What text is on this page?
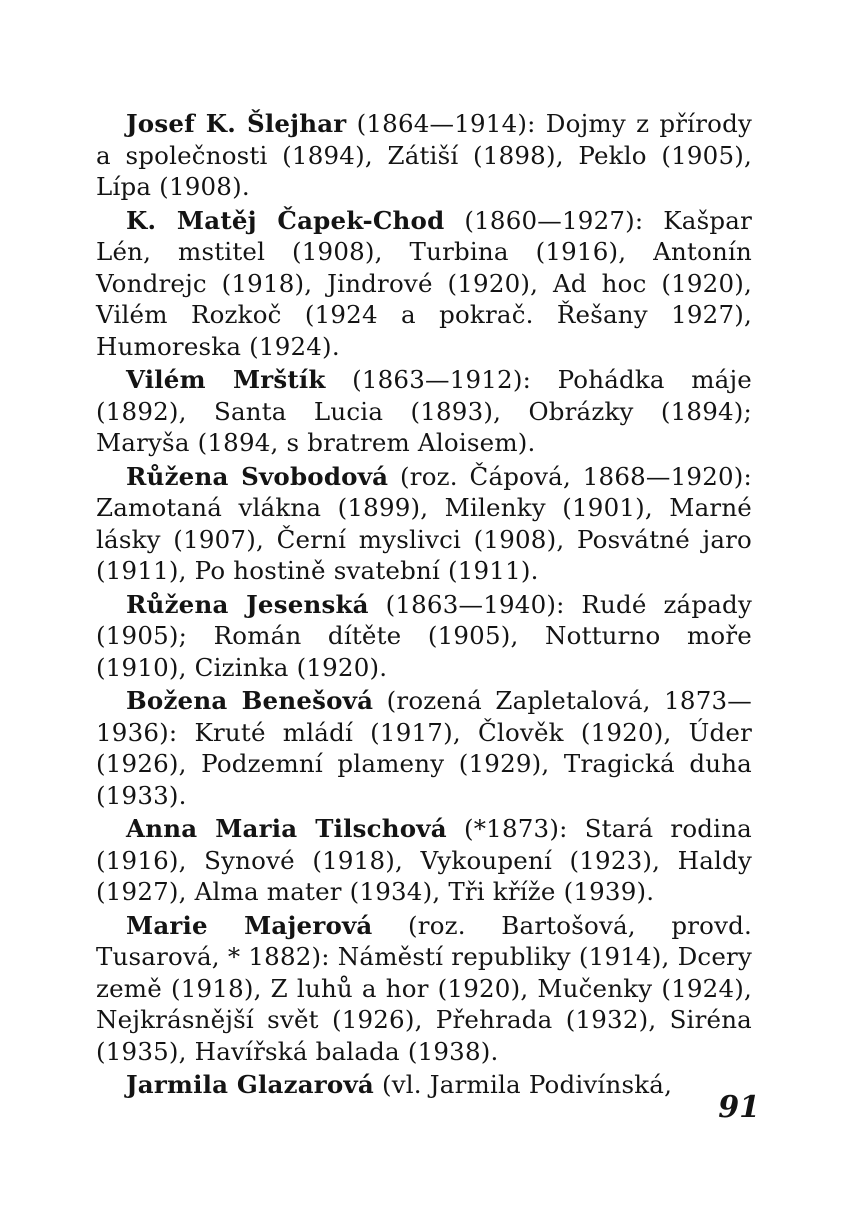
Josef K. Šlejhar (1864—1914): Dojmy z přírody a společnosti (1894), Zátiší (1898), Peklo (1905), Lípa (1908).

K. Matěj Čapek-Chod (1860—1927): Kašpar Lén, mstitel (1908), Turbina (1916), Antonín Vondrejc (1918), Jindrové (1920), Ad hoc (1920), Vilém Rozkoč (1924 a pokrač. Řešany 1927), Humoreska (1924).

Vilém Mrštík (1863—1912): Pohádka máje (1892), Santa Lucia (1893), Obrázky (1894); Maryša (1894, s bratrem Aloisem).

Růžena Svobodová (roz. Čápová, 1868—1920): Zamotaná vlákna (1899), Milenky (1901), Marné lásky (1907), Černí myslivci (1908), Posvátné jaro (1911), Po hostině svatební (1911).

Růžena Jesenská (1863—1940): Rudé západy (1905); Román dítěte (1905), Notturno moře (1910), Cizinka (1920).

Božena Benešová (rozená Zapletalová, 1873—1936): Kruté mládí (1917), Člověk (1920), Úder (1926), Podzemní plameny (1929), Tragická duha (1933).

Anna Maria Tilschová (*1873): Stará rodina (1916), Synové (1918), Vykoupení (1923), Haldy (1927), Alma mater (1934), Tři kříže (1939).

Marie Majerová (roz. Bartošová, provd. Tusarová, * 1882): Náměstí republiky (1914), Dcery země (1918), Z luhů a hor (1920), Mučenky (1924), Nejkrásnější svět (1926), Přehrada (1932), Siréna (1935), Havířská balada (1938).

Jarmila Glazarová (vl. Jarmila Podivínská,

91
